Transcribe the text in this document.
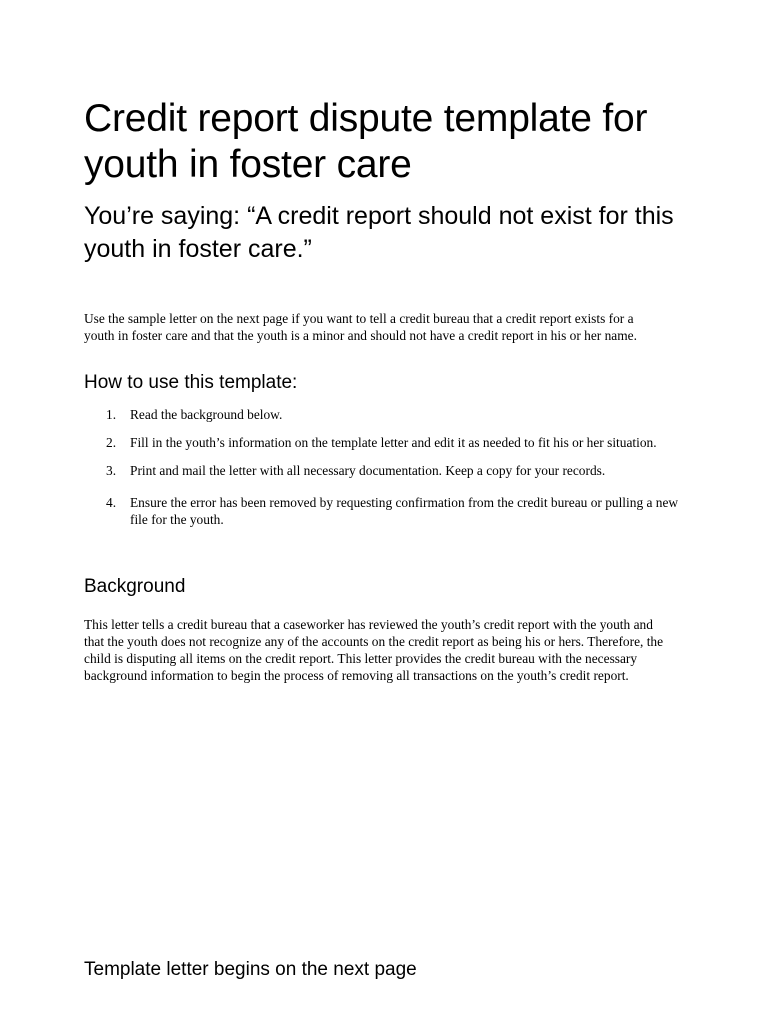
Credit report dispute template for youth in foster care
You’re saying: “A credit report should not exist for this youth in foster care.”

Use the sample letter on the next page if you want to tell a credit bureau that a credit report exists for a youth in foster care and that the youth is a minor and should not have a credit report in his or her name.

How to use this template:
1.	Read the background below.
2.	Fill in the youth’s information on the template letter and edit it as needed to fit his or her situation.
3.	Print and mail the letter with all necessary documentation. Keep a copy for your records.
4.	Ensure the error has been removed by requesting confirmation from the credit bureau or pulling a new file for the youth.
Background

This letter tells a credit bureau that a caseworker has reviewed the youth’s credit report with the youth and that the youth does not recognize any of the accounts on the credit report as being his or hers. Therefore, the child is disputing all items on the credit report. This letter provides the credit bureau with the necessary background information to begin the process of removing all transactions on the youth’s credit report.

Template letter begins on the next page
